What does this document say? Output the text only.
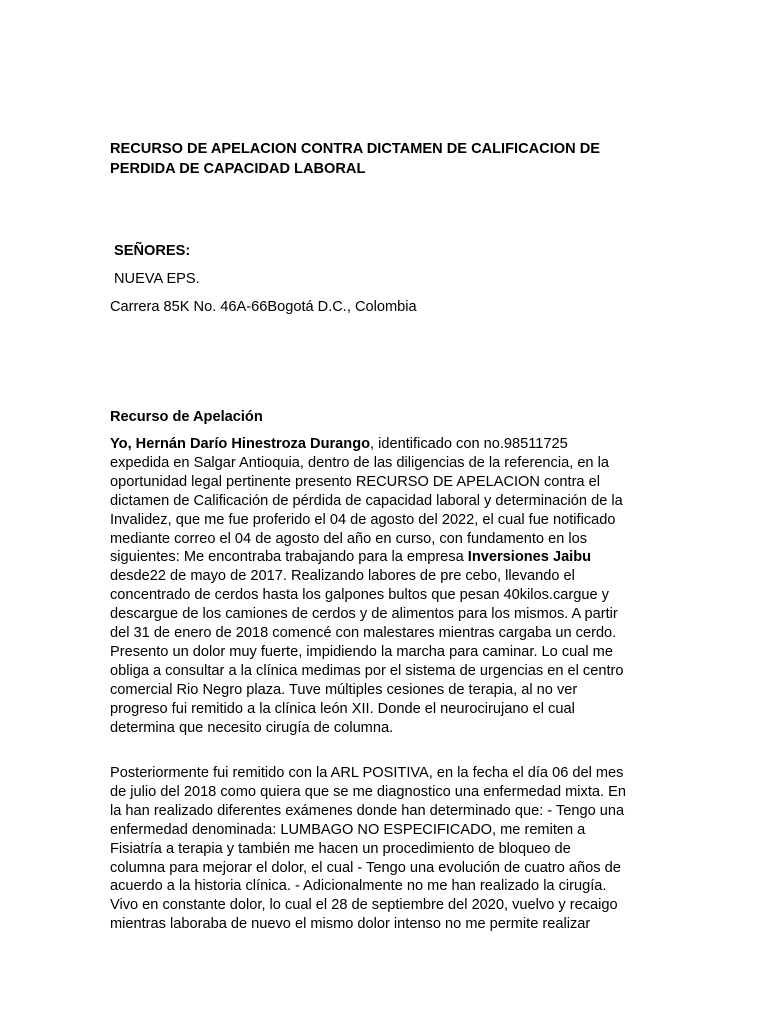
RECURSO DE APELACION CONTRA DICTAMEN DE CALIFICACION DE
PERDIDA DE CAPACIDAD LABORAL

SEÑORES:

NUEVA EPS.

Carrera 85K No. 46A-66Bogotá D.C., Colombia

Recurso de Apelación

Yo, Hernán Darío Hinestroza Durango, identificado con no.98511725
expedida en Salgar Antioquia, dentro de las diligencias de la referencia, en la
oportunidad legal pertinente presento RECURSO DE APELACION contra el
dictamen de Calificación de pérdida de capacidad laboral y determinación de la
Invalidez, que me fue proferido el 04 de agosto del 2022, el cual fue notificado
mediante correo el 04 de agosto del año en curso, con fundamento en los
siguientes: Me encontraba trabajando para la empresa Inversiones Jaibu
desde22 de mayo de 2017. Realizando labores de pre cebo, llevando el
concentrado de cerdos hasta los galpones bultos que pesan 40kilos.cargue y
descargue de los camiones de cerdos y de alimentos para los mismos. A partir
del 31 de enero de 2018 comencé con malestares mientras cargaba un cerdo.
Presento un dolor muy fuerte, impidiendo la marcha para caminar. Lo cual me
obliga a consultar a la clínica medimas por el sistema de urgencias en el centro
comercial Rio Negro plaza. Tuve múltiples cesiones de terapia, al no ver
progreso fui remitido a la clínica león XII. Donde el neurocirujano el cual
determina que necesito cirugía de columna.

Posteriormente fui remitido con la ARL POSITIVA, en la fecha el día 06 del mes
de julio del 2018 como quiera que se me diagnostico una enfermedad mixta. En
la han realizado diferentes exámenes donde han determinado que: - Tengo una
enfermedad denominada: LUMBAGO NO ESPECIFICADO, me remiten a
Fisiatría a terapia y también me hacen un procedimiento de bloqueo de
columna para mejorar el dolor, el cual - Tengo una evolución de cuatro años de
acuerdo a la historia clínica. - Adicionalmente no me han realizado la cirugía.
Vivo en constante dolor, lo cual el 28 de septiembre del 2020, vuelvo y recaigo
mientras laboraba de nuevo el mismo dolor intenso no me permite realizar
